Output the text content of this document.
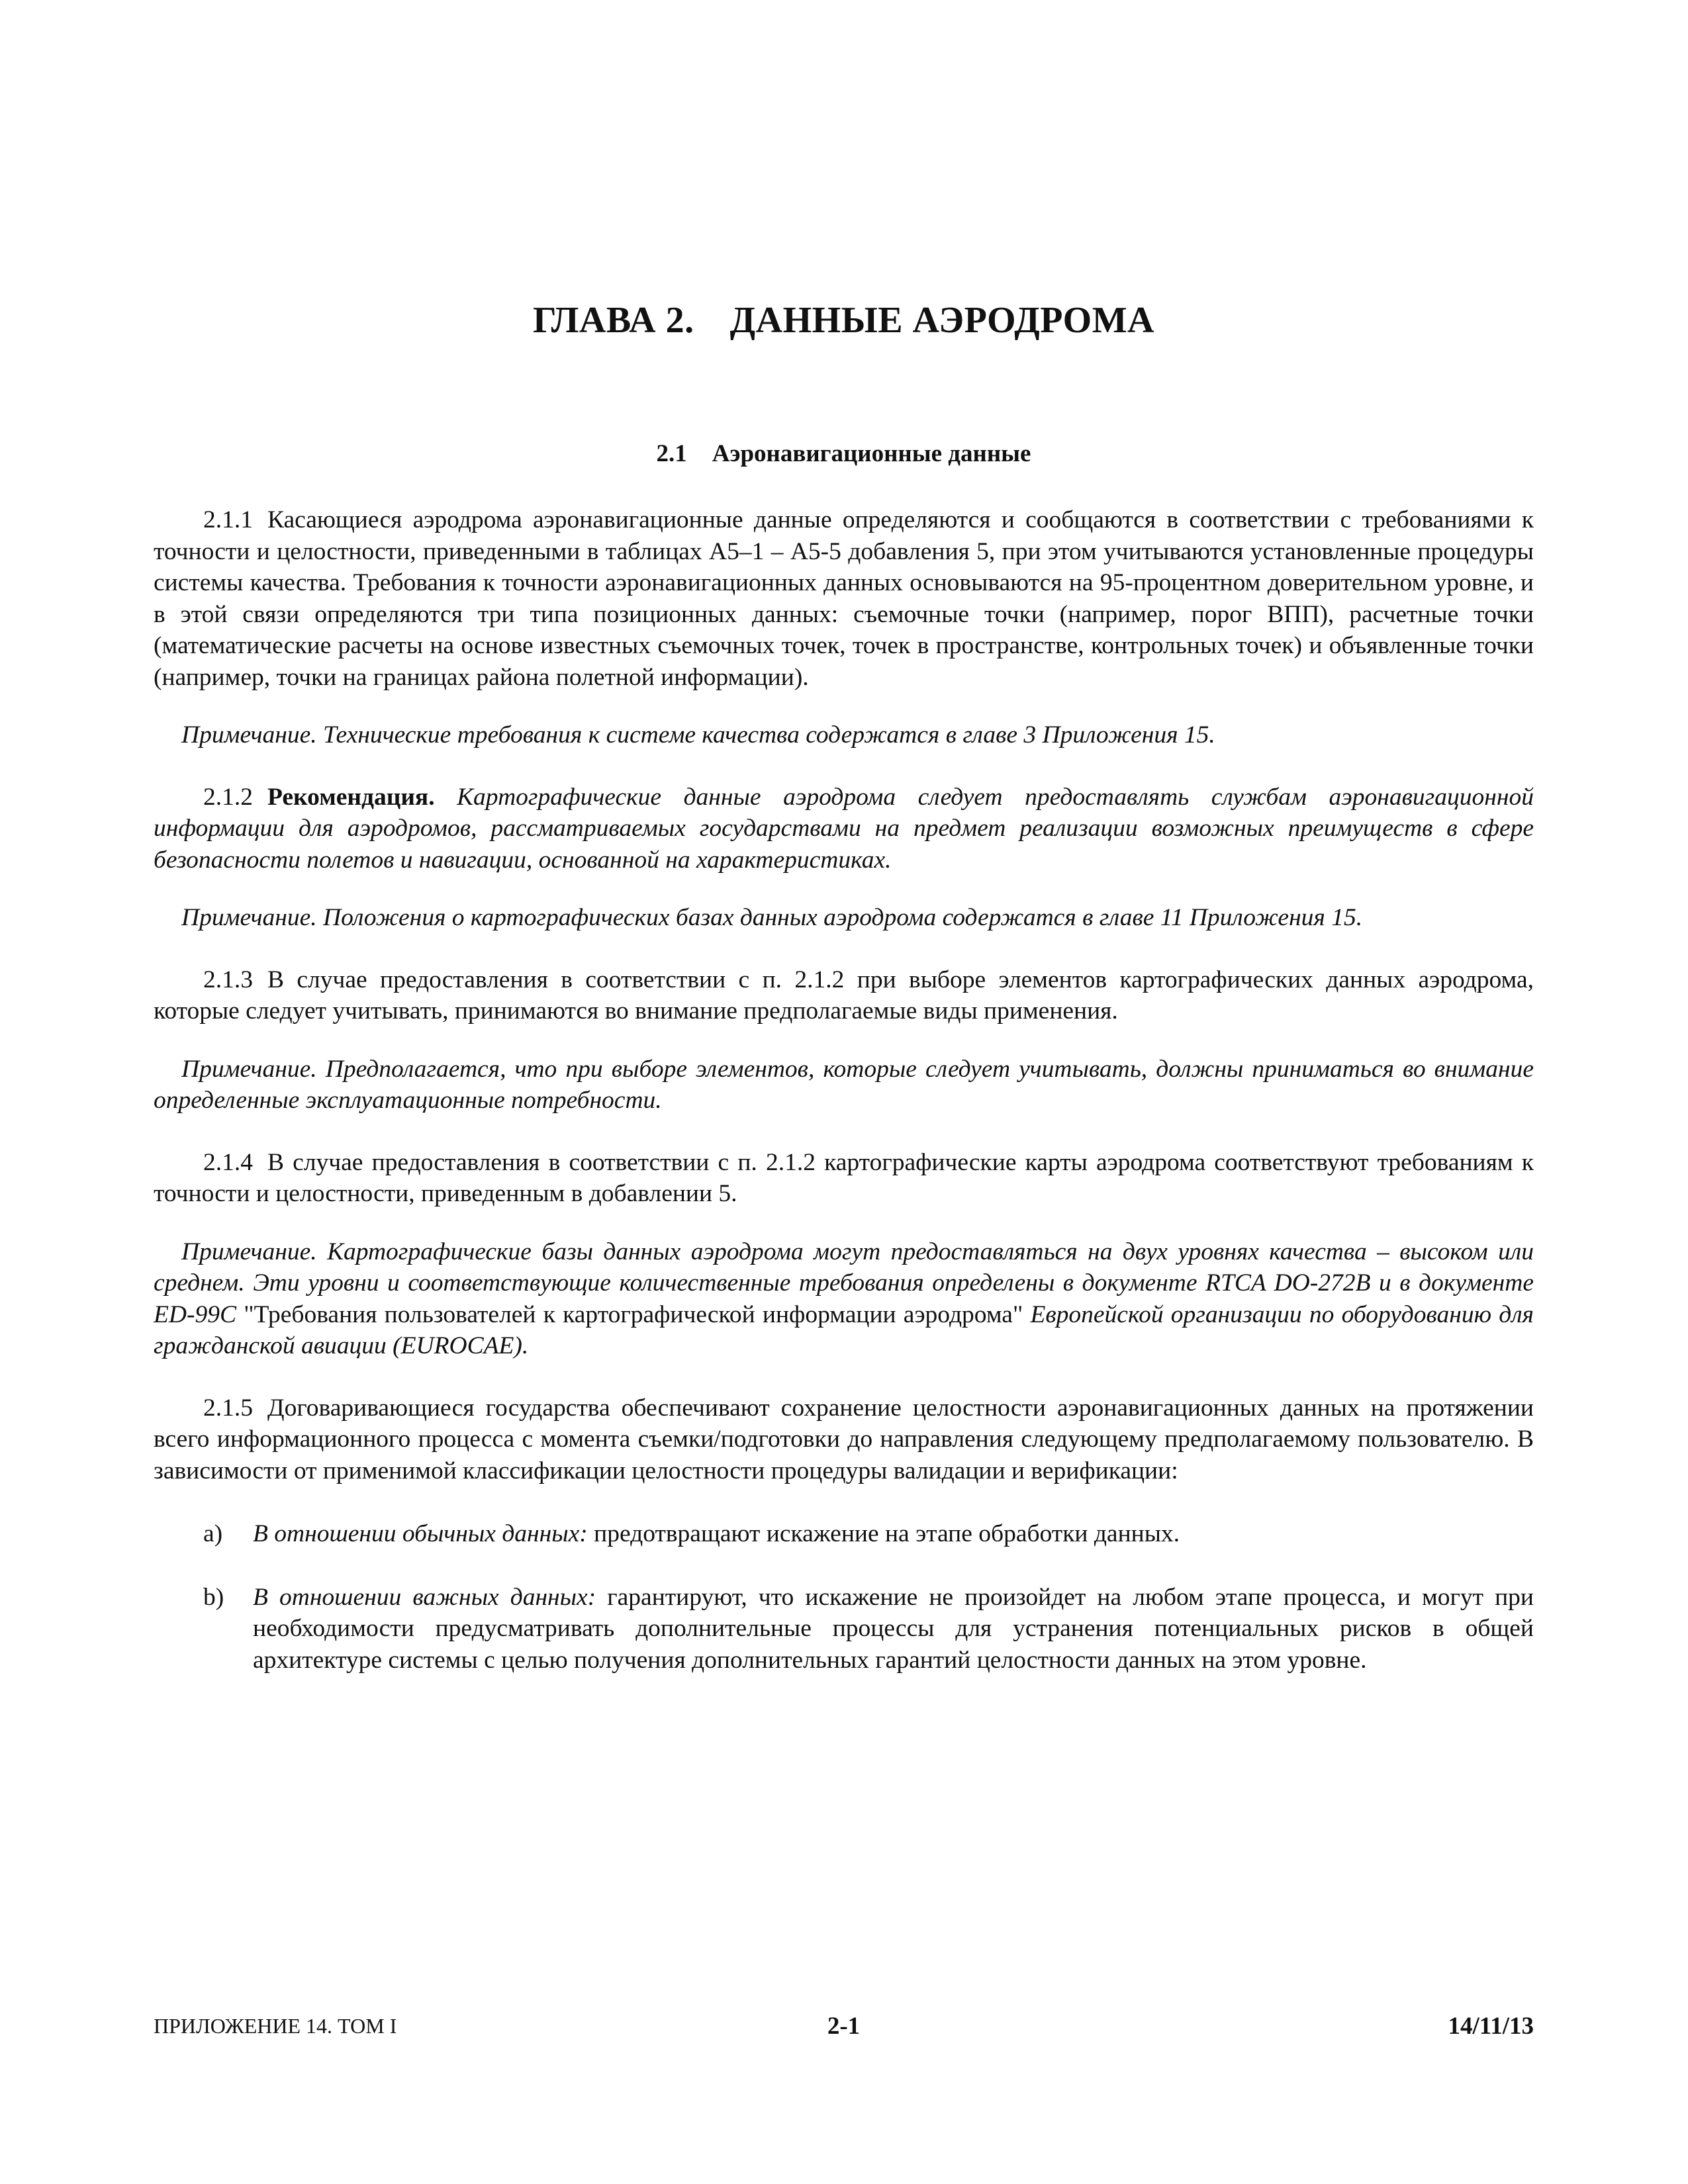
ГЛАВА 2. ДАННЫЕ АЭРОДРОМА
2.1 Аэронавигационные данные

2.1.1 Касающиеся аэродрома аэронавигационные данные определяются и сообщаются в соответствии с требованиями к точности и целостности, приведенными в таблицах А5–1 – А5-5 добавления 5, при этом учитываются установленные процедуры системы качества. Требования к точности аэронавигационных данных основываются на 95-процентном доверительном уровне, и в этой связи определяются три типа позиционных данных: съемочные точки (например, порог ВПП), расчетные точки (математические расчеты на основе известных съемочных точек, точек в пространстве, контрольных точек) и объявленные точки (например, точки на границах района полетной информации).

Примечание. Технические требования к системе качества содержатся в главе 3 Приложения 15.

2.1.2 Рекомендация. Картографические данные аэродрома следует предоставлять службам аэронавигационной информации для аэродромов, рассматриваемых государствами на предмет реализации возможных преимуществ в сфере безопасности полетов и навигации, основанной на характеристиках.

Примечание. Положения о картографических базах данных аэродрома содержатся в главе 11 Приложения 15.

2.1.3 В случае предоставления в соответствии с п. 2.1.2 при выборе элементов картографических данных аэродрома, которые следует учитывать, принимаются во внимание предполагаемые виды применения.

Примечание. Предполагается, что при выборе элементов, которые следует учитывать, должны приниматься во внимание определенные эксплуатационные потребности.

2.1.4 В случае предоставления в соответствии с п. 2.1.2 картографические карты аэродрома соответствуют требованиям к точности и целостности, приведенным в добавлении 5.

Примечание. Картографические базы данных аэродрома могут предоставляться на двух уровнях качества – высоком или среднем. Эти уровни и соответствующие количественные требования определены в документе RTCA DO-272B и в документе ED-99C "Требования пользователей к картографической информации аэродрома" Европейской организации по оборудованию для гражданской авиации (EUROCAE).

2.1.5 Договаривающиеся государства обеспечивают сохранение целостности аэронавигационных данных на протяжении всего информационного процесса с момента съемки/подготовки до направления следующему предполагаемому пользователю. В зависимости от применимой классификации целостности процедуры валидации и верификации:

a) В отношении обычных данных: предотвращают искажение на этапе обработки данных.

b) В отношении важных данных: гарантируют, что искажение не произойдет на любом этапе процесса, и могут при необходимости предусматривать дополнительные процессы для устранения потенциальных рисков в общей архитектуре системы с целью получения дополнительных гарантий целостности данных на этом уровне.

ПРИЛОЖЕНИЕ 14. ТОМ I	2-1	14/11/13
